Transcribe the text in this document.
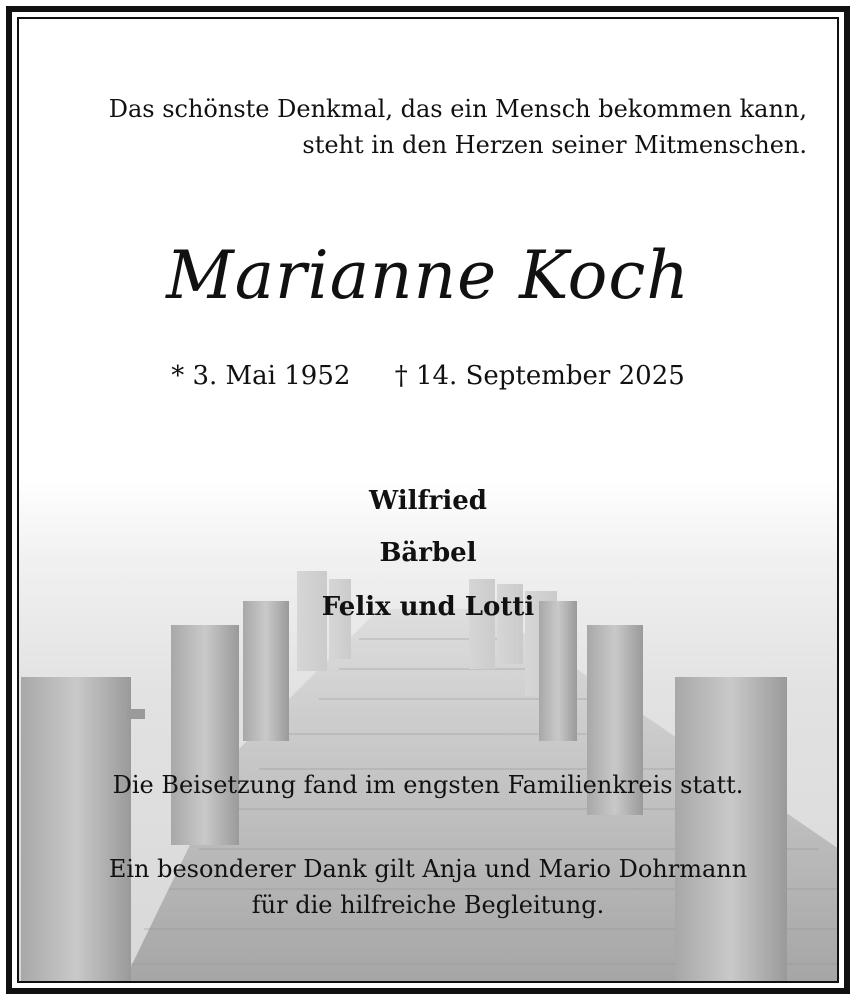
Das schönste Denkmal, das ein Mensch bekommen kann,
steht in den Herzen seiner Mitmenschen.
Marianne Koch
* 3. Mai 1952 † 14. September 2025
Wilfried
Bärbel
Felix und Lotti
Die Beisetzung fand im engsten Familienkreis statt.
Ein besonderer Dank gilt Anja und Mario Dohrmann
für die hilfreiche Begleitung.
